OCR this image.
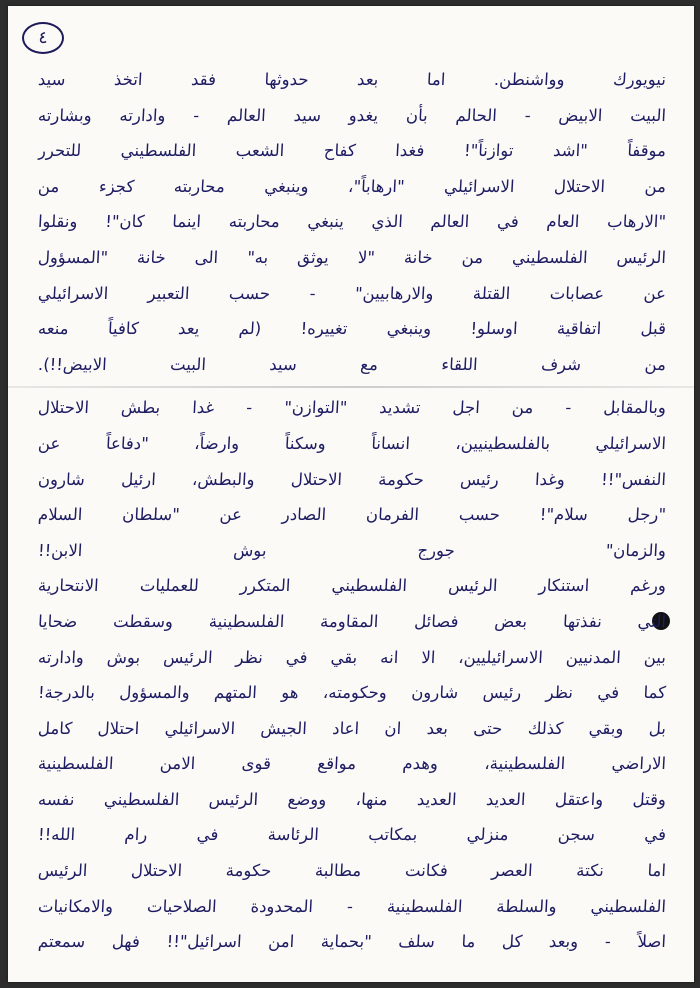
٤
نيويورك وواشنطن. اما بعد حدوثها فقد اتخذ سيد
البيت الابيض - الحالم بأن يغدو سيد العالم - وادارته وبشارته
موقفاً "اشد توازناً"! فغدا كفاح الشعب الفلسطيني للتحرر
من الاحتلال الاسرائيلي "ارهاباً"، وينبغي محاربته كجزء من
"الارهاب العام في العالم الذي ينبغي محاربته اينما كان"! ونقلوا
الرئيس الفلسطيني من خانة "لا يوثق به" الى خانة "المسؤول
عن عصابات القتلة والارهابيين" - حسب التعبير الاسرائيلي
قبل اتفاقية اوسلو! وينبغي تغييره! (لم يعد كافياً منعه
من شرف اللقاء مع سيد البيت الابيض!!).
وبالمقابل - من اجل تشديد "التوازن" - غدا بطش الاحتلال
الاسرائيلي بالفلسطينيين، انساناً وسكناً وارضاً، "دفاعاً عن
النفس"!! وغدا رئيس حكومة الاحتلال والبطش، ارئيل شارون
"رجل سلام"! حسب الفرمان الصادر عن "سلطان السلام
والزمان" جورج بوش الابن!!
ورغم استنكار الرئيس الفلسطيني المتكرر للعمليات الانتحارية
التي نفذتها بعض فصائل المقاومة الفلسطينية وسقطت ضحايا
بين المدنيين الاسرائيليين، الا انه بقي في نظر الرئيس بوش وادارته
كما في نظر رئيس شارون وحكومته، هو المتهم والمسؤول بالدرجة!
بل وبقي كذلك حتى بعد ان اعاد الجيش الاسرائيلي احتلال كامل
الاراضي الفلسطينية، وهدم مواقع قوى الامن الفلسطينية
وقتل واعتقل العديد العديد منها، ووضع الرئيس الفلسطيني نفسه
في سجن منزلي بمكاتب الرئاسة في رام الله!!
اما نكتة العصر فكانت مطالبة حكومة الاحتلال الرئيس
الفلسطيني والسلطة الفلسطينية - المحدودة الصلاحيات والامكانيات
اصلاً - وبعد كل ما سلف "بحماية امن اسرائيل"!! فهل سمعتم
